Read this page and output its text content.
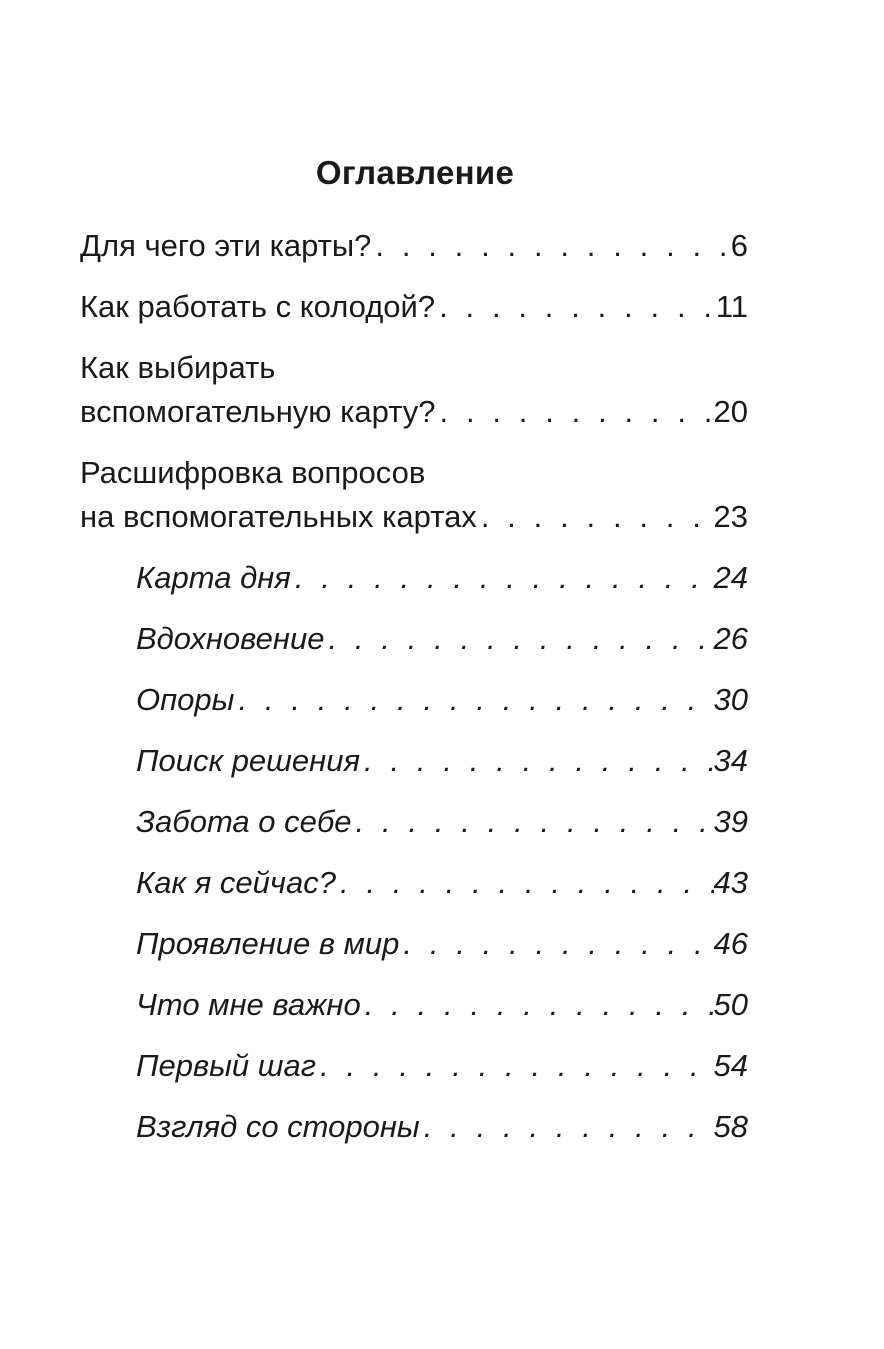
Оглавление
Для чего эти карты? . . .	6
Как работать с колодой? . . .	11
Как выбирать
вспомогательную карту? . . .	20
Расшифровка вопросов
на вспомогательных картах . . .	23
Карта дня . . .	24
Вдохновение . . .	26
Опоры . . .	30
Поиск решения . . .	34
Забота о себе . . .	39
Как я сейчас? . . .	43
Проявление в мир . . .	46
Что мне важно . . .	50
Первый шаг . . .	54
Взгляд со стороны . . .	58
